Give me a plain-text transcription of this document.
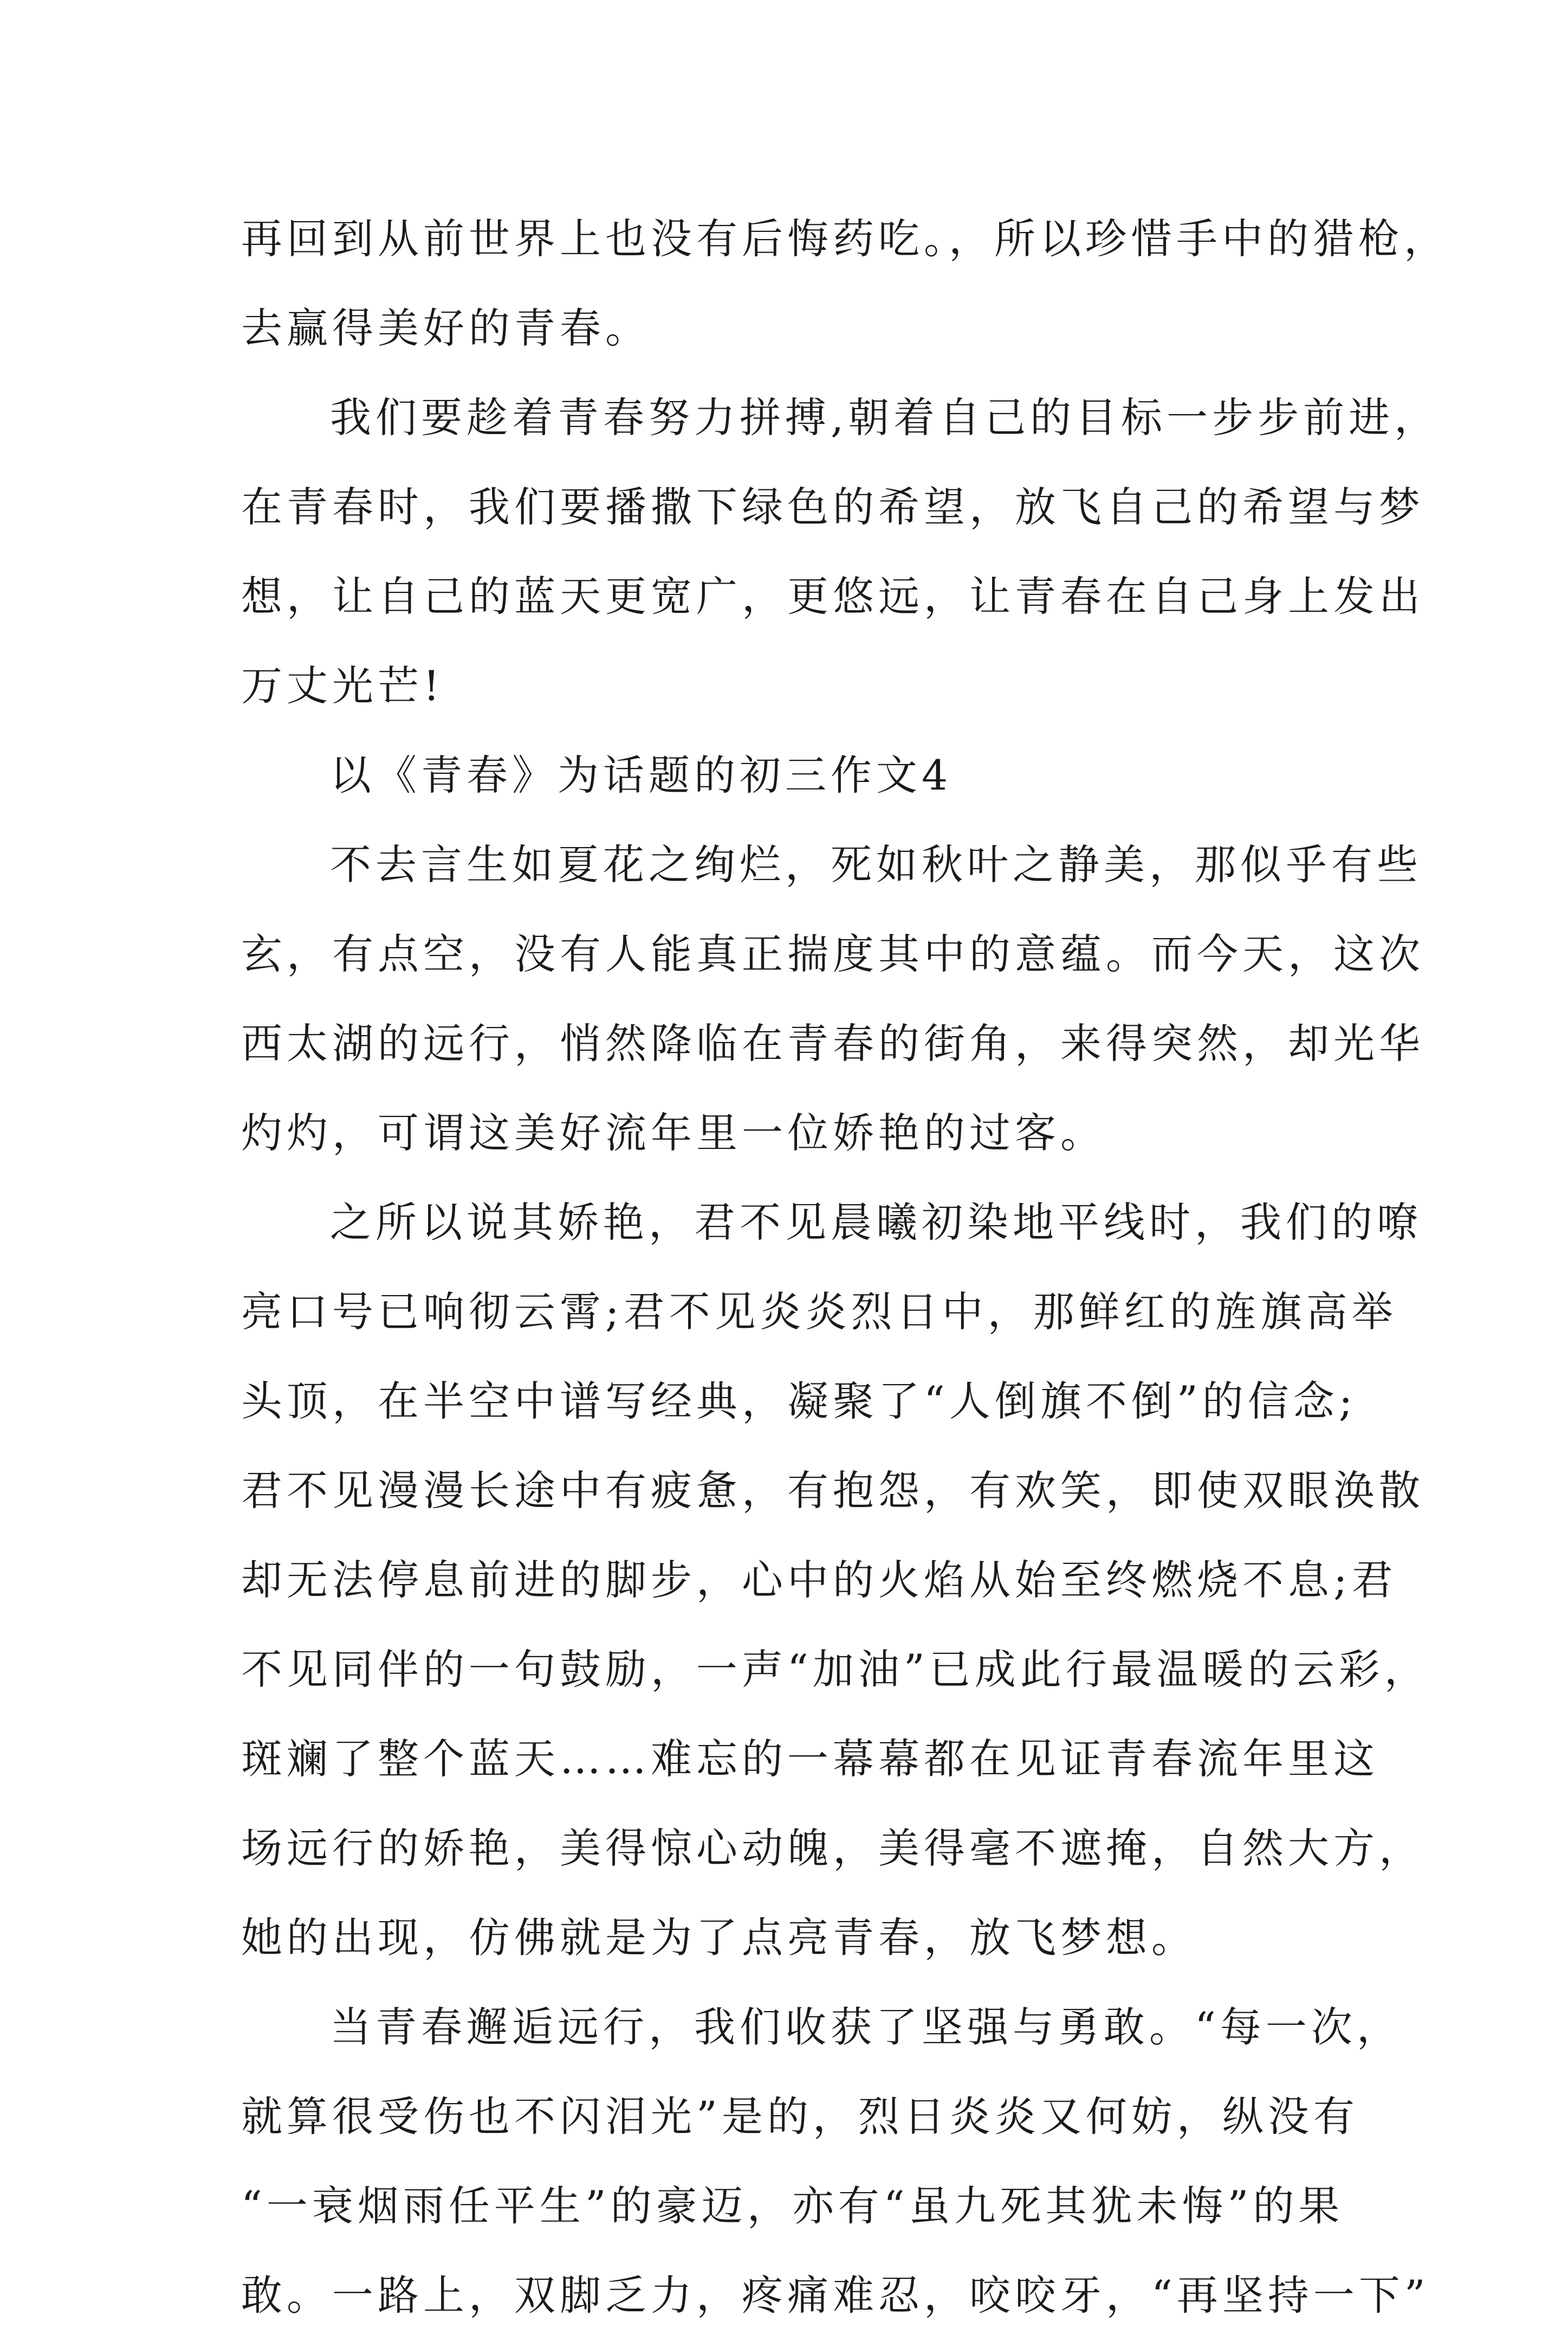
再回到从前世界上也没有后悔药吃。，所以珍惜手中的猎枪，
去赢得美好的青春。
我们要趁着青春努力拼搏,朝着自己的目标一步步前进，
在青春时，我们要播撒下绿色的希望，放飞自己的希望与梦
想，让自己的蓝天更宽广，更悠远，让青春在自己身上发出
万丈光芒!
以《青春》为话题的初三作文4
不去言生如夏花之绚烂，死如秋叶之静美，那似乎有些
玄，有点空，没有人能真正揣度其中的意蕴。而今天，这次
西太湖的远行，悄然降临在青春的街角，来得突然，却光华
灼灼，可谓这美好流年里一位娇艳的过客。
之所以说其娇艳，君不见晨曦初染地平线时，我们的嘹
亮口号已响彻云霄;君不见炎炎烈日中，那鲜红的旌旗高举
头顶，在半空中谱写经典，凝聚了“人倒旗不倒”的信念;
君不见漫漫长途中有疲惫，有抱怨，有欢笑，即使双眼涣散
却无法停息前进的脚步，心中的火焰从始至终燃烧不息;君
不见同伴的一句鼓励，一声“加油”已成此行最温暖的云彩，
斑斓了整个蓝天……难忘的一幕幕都在见证青春流年里这
场远行的娇艳，美得惊心动魄，美得毫不遮掩，自然大方，
她的出现，仿佛就是为了点亮青春，放飞梦想。
当青春邂逅远行，我们收获了坚强与勇敢。“每一次，
就算很受伤也不闪泪光”是的，烈日炎炎又何妨，纵没有
“一衰烟雨任平生”的豪迈，亦有“虽九死其犹未悔”的果
敢。一路上，双脚乏力，疼痛难忍，咬咬牙，“再坚持一下”
